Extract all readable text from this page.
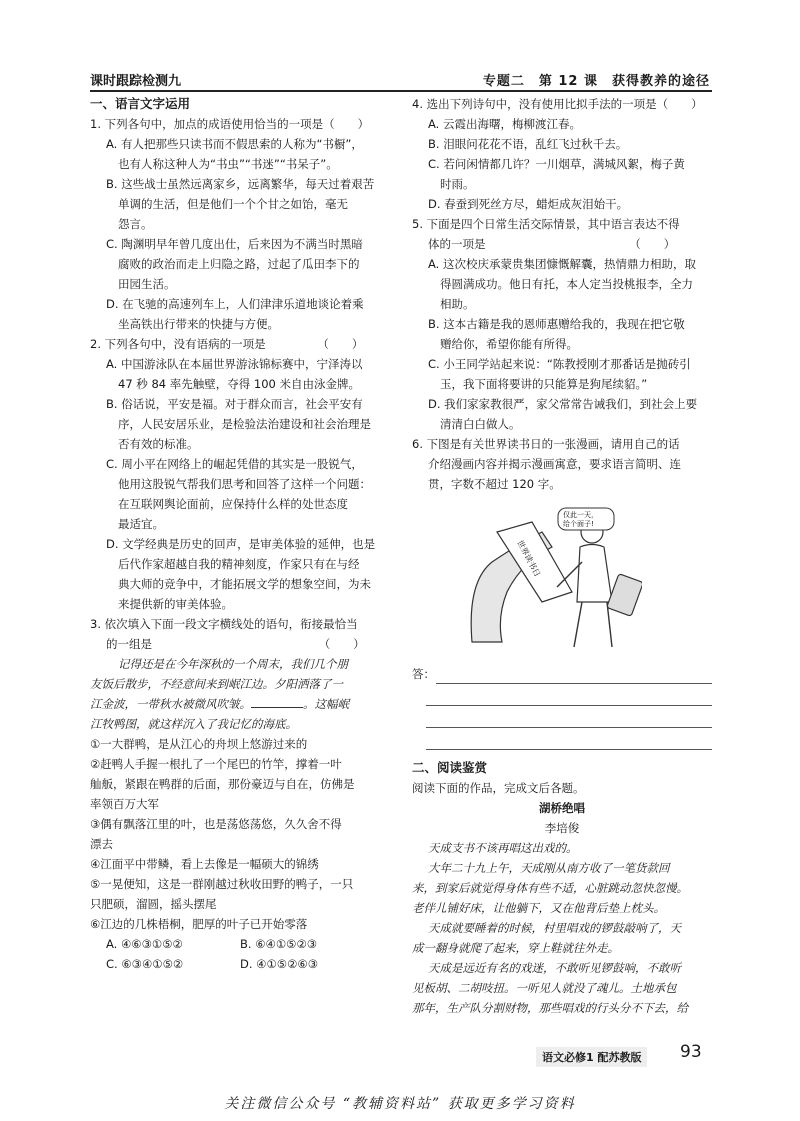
课时跟踪检测九	专题二　第 12 课　获得教养的途径

一、语言文字运用

1. 下列各句中，加点的成语使用恰当的一项是（　　）

A. 有人把那些只读书而不假思索的人称为“书橱”，

也有人称这种人为“书虫”“书迷”“书呆子”。

B. 这些战士虽然远离家乡，远离繁华，每天过着艰苦

单调的生活，但是他们一个个甘之如饴，毫无

怨言。

C. 陶渊明早年曾几度出仕，后来因为不满当时黑暗

腐败的政治而走上归隐之路，过起了瓜田李下的

田园生活。

D. 在飞驰的高速列车上，人们津津乐道地谈论着乘

坐高铁出行带来的快捷与方便。

2. 下列各句中，没有语病的一项是　　　　　（　　）

A. 中国游泳队在本届世界游泳锦标赛中，宁泽涛以

47 秒 84 率先触壁，夺得 100 米自由泳金牌。

B. 俗话说，平安是福。对于群众而言，社会平安有

序，人民安居乐业，是检验法治建设和社会治理是

否有效的标准。

C. 周小平在网络上的崛起凭借的其实是一股锐气，

他用这股锐气帮我们思考和回答了这样一个问题：

在互联网舆论面前，应保持什么样的处世态度

最适宜。

D. 文学经典是历史的回声，是审美体验的延伸，也是

后代作家超越自我的精神刻度，作家只有在与经

典大师的竞争中，才能拓展文学的想象空间，为未

来提供新的审美体验。

3. 依次填入下面一段文字横线处的语句，衔接最恰当

的一组是　　　　　　　　　　　　　　　（　　）

记得还是在今年深秋的一个周末，我们几个朋

友饭后散步，不经意间来到岷江边。夕阳洒落了一

江金波，一带秋水被微风吹皱。	。这幅岷

江牧鸭图，就这样沉入了我记忆的海底。

①一大群鸭，是从江心的舟坝上悠游过来的

②赶鸭人手握一根扎了一个尾巴的竹竿，撑着一叶

舢舨，紧跟在鸭群的后面，那份豪迈与自在，仿佛是

率领百万大军

③偶有飘落江里的叶，也是荡悠荡悠，久久舍不得

漂去

④江面平中带鳞，看上去像是一幅硕大的锦绣

⑤一晃便知，这是一群刚越过秋收田野的鸭子，一只

只肥硕，溜圆，摇头摆尾

⑥江边的几株梧桐，肥厚的叶子已开始零落

A. ④⑥③①⑤②	B. ⑥④①⑤②③

C. ⑥③④①⑤②	D. ④①⑤②⑥③

4. 选出下列诗句中，没有使用比拟手法的一项是（　　）

A. 云霞出海曙，梅柳渡江春。

B. 泪眼问花花不语，乱红飞过秋千去。

C. 若问闲情都几许？一川烟草，满城风絮，梅子黄

时雨。

D. 春蚕到死丝方尽，蜡炬成灰泪始干。

5. 下面是四个日常生活交际情景，其中语言表达不得

体的一项是　　　　　　　　　　　　　（　　）

A. 这次校庆承蒙贵集团慷慨解囊，热情鼎力相助，取

得圆满成功。他日有托，本人定当投桃报李，全力

相助。

B. 这本古籍是我的恩师惠赠给我的，我现在把它敬

赠给你，希望你能有所得。

C. 小王同学站起来说：“陈教授刚才那番话是抛砖引

玉，我下面将要讲的只能算是狗尾续貂。”

D. 我们家家教很严，家父常常告诫我们，到社会上要

清清白白做人。

6. 下图是有关世界读书日的一张漫画，请用自己的话

介绍漫画内容并揭示漫画寓意，要求语言简明、连

贯，字数不超过 120 字。

世界读书日
仅此一天，
给个面子!
答：

二、阅读鉴赏

阅读下面的作品，完成文后各题。

湖桥绝唱

李培俊

天成支书不该再唱这出戏的。

大年二十九上午，天成刚从南方收了一笔货款回

来，到家后就觉得身体有些不适，心脏跳动忽快忽慢。

老伴儿铺好床，让他躺下，又在他背后垫上枕头。

天成就要睡着的时候，村里唱戏的锣鼓敲响了，天

成一翻身就爬了起来，穿上鞋就往外走。

天成是远近有名的戏迷，不敢听见锣鼓响，不敢听

见板胡、二胡吱扭。一听见人就没了魂儿。土地承包

那年，生产队分割财物，那些唱戏的行头分不下去，给

语文必修1 配苏教版	93
关注微信公众号 “教辅资料站” 获取更多学习资料
